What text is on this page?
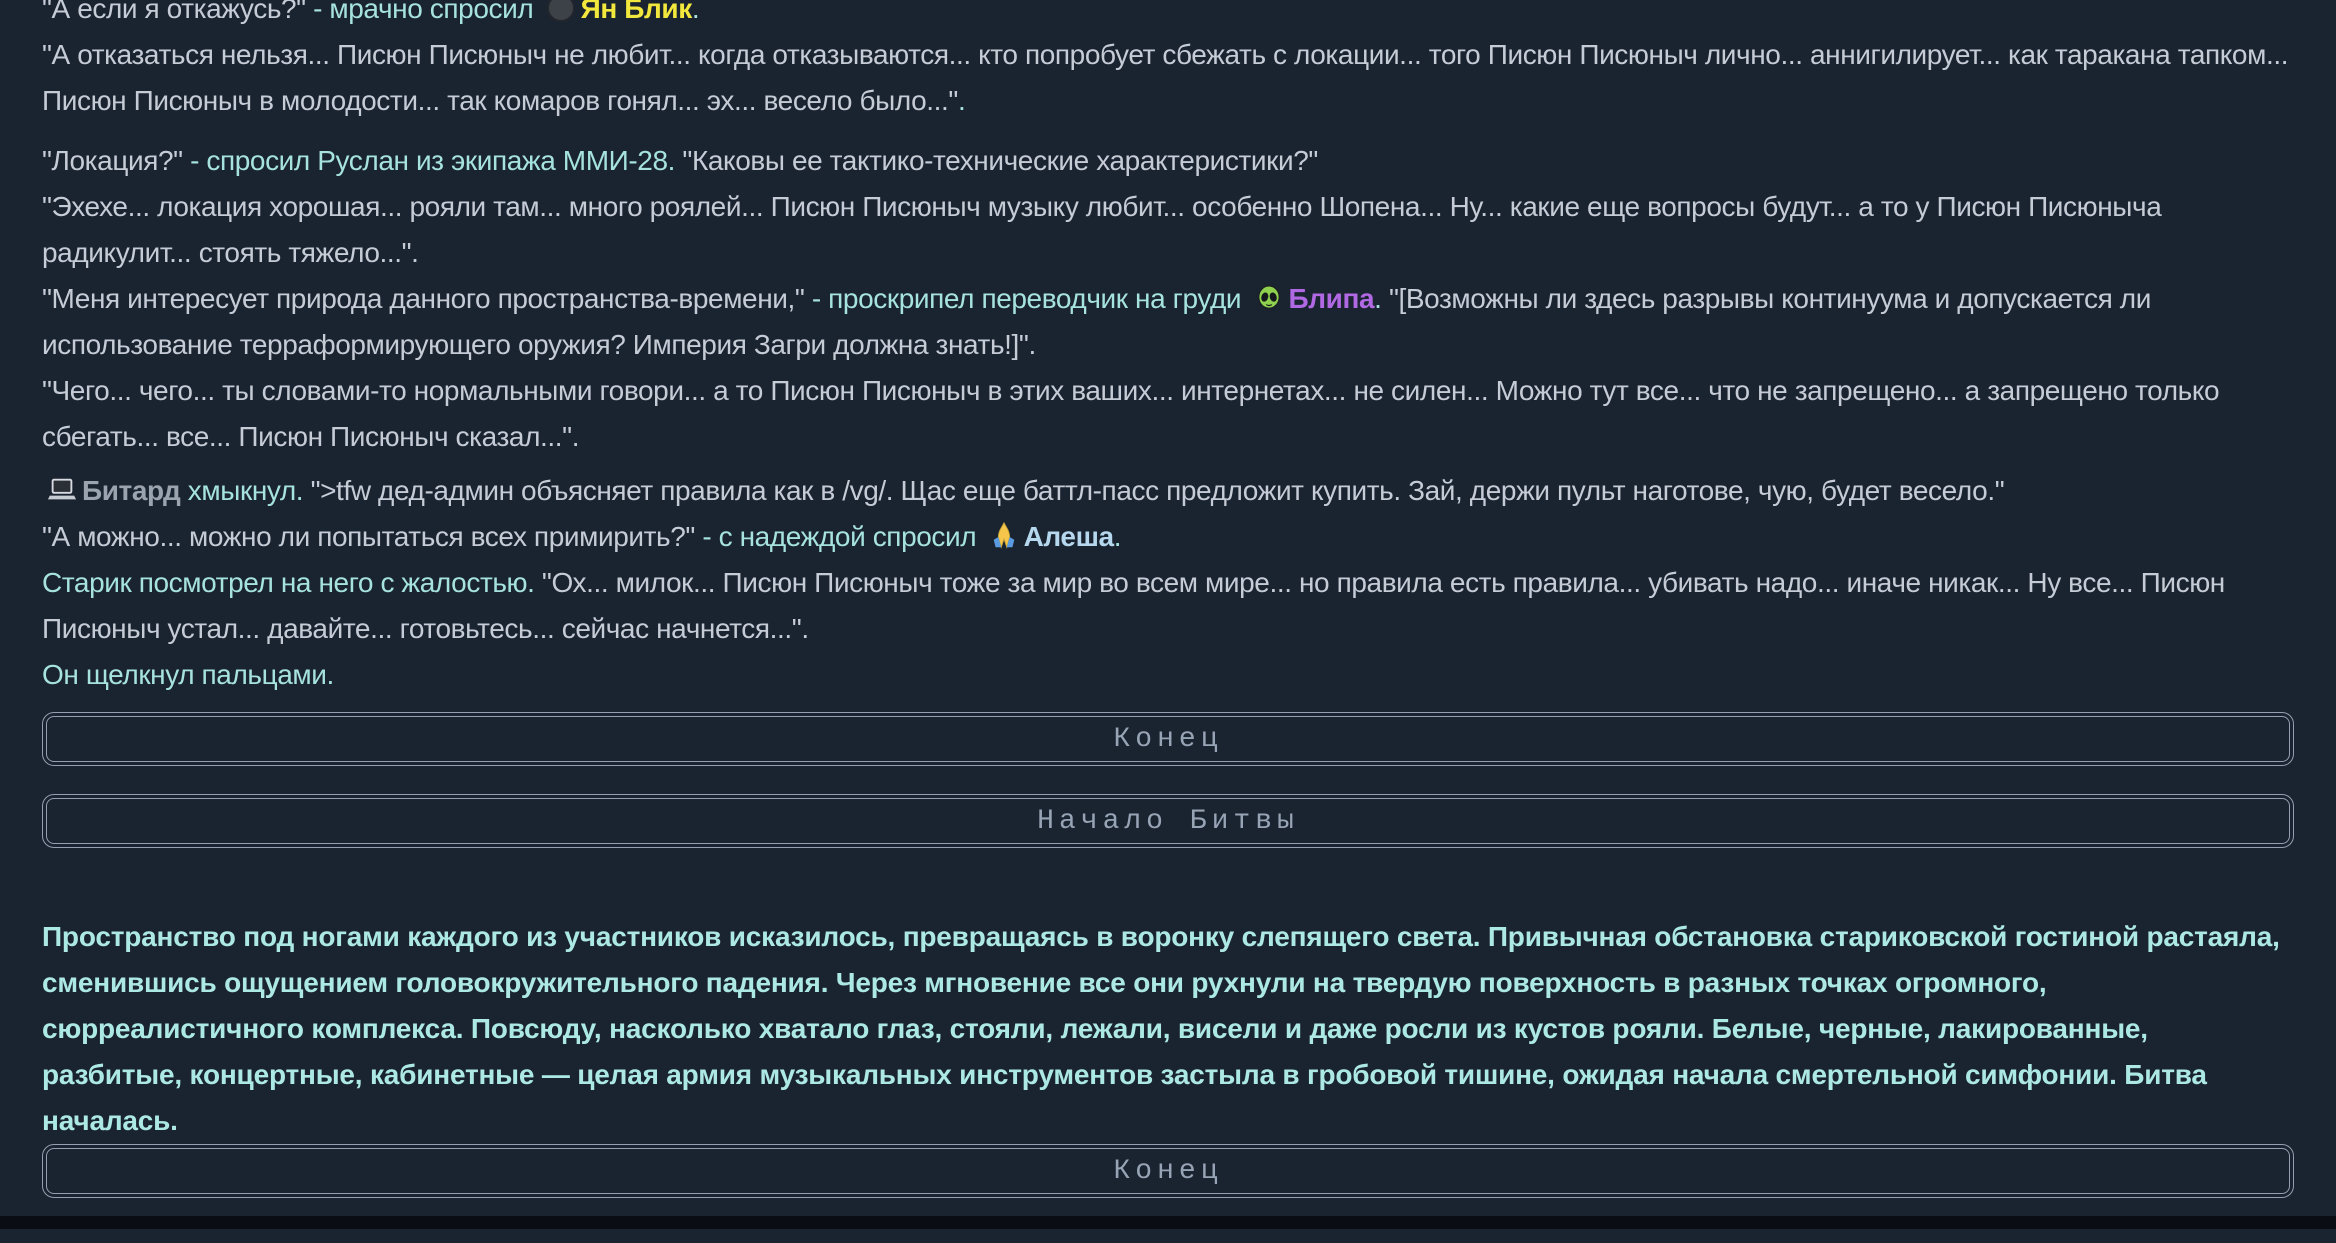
"А если я откажусь?" - мрачно спросил Ян Блик.

"А отказаться нельзя... Писюн Писюныч не любит... когда отказываются... кто попробует сбежать с локации... того Писюн Писюныч лично... аннигилирует... как таракана тапком... Писюн Писюныч в молодости... так комаров гонял... эх... весело было...".

"Локация?" - спросил Руслан из экипажа ММИ-28. "Каковы ее тактико-технические характеристики?"

"Эхехе... локация хорошая... рояли там... много роялей... Писюн Писюныч музыку любит... особенно Шопена... Ну... какие еще вопросы будут... а то у Писюн Писюныча радикулит... стоять тяжело...".

"Меня интересует природа данного пространства-времени," - проскрипел переводчик на груди Блипа. "[Возможны ли здесь разрывы континуума и допускается ли использование терраформирующего оружия? Империя Загри должна знать!]".

"Чего... чего... ты словами-то нормальными говори... а то Писюн Писюныч в этих ваших... интернетах... не силен... Можно тут все... что не запрещено... а запрещено только сбегать... все... Писюн Писюныч сказал...".

Битард хмыкнул. ">tfw дед-админ объясняет правила как в /vg/. Щас еще баттл-пасс предложит купить. Зай, держи пульт наготове, чую, будет весело."

"А можно... можно ли попытаться всех примирить?" - с надеждой спросил Алеша.

Старик посмотрел на него с жалостью. "Ох... милок... Писюн Писюныч тоже за мир во всем мире... но правила есть правила... убивать надо... иначе никак... Ну все... Писюн Писюныч устал... давайте... готовьтесь... сейчас начнется...".

Он щелкнул пальцами.

Конец
Начало Битвы

Пространство под ногами каждого из участников исказилось, превращаясь в воронку слепящего света. Привычная обстановка стариковской гостиной растаяла, сменившись ощущением головокружительного падения. Через мгновение все они рухнули на твердую поверхность в разных точках огромного, сюрреалистичного комплекса. Повсюду, насколько хватало глаз, стояли, лежали, висели и даже росли из кустов рояли. Белые, черные, лакированные, разбитые, концертные, кабинетные — целая армия музыкальных инструментов застыла в гробовой тишине, ожидая начала смертельной симфонии. Битва началась.

Конец
